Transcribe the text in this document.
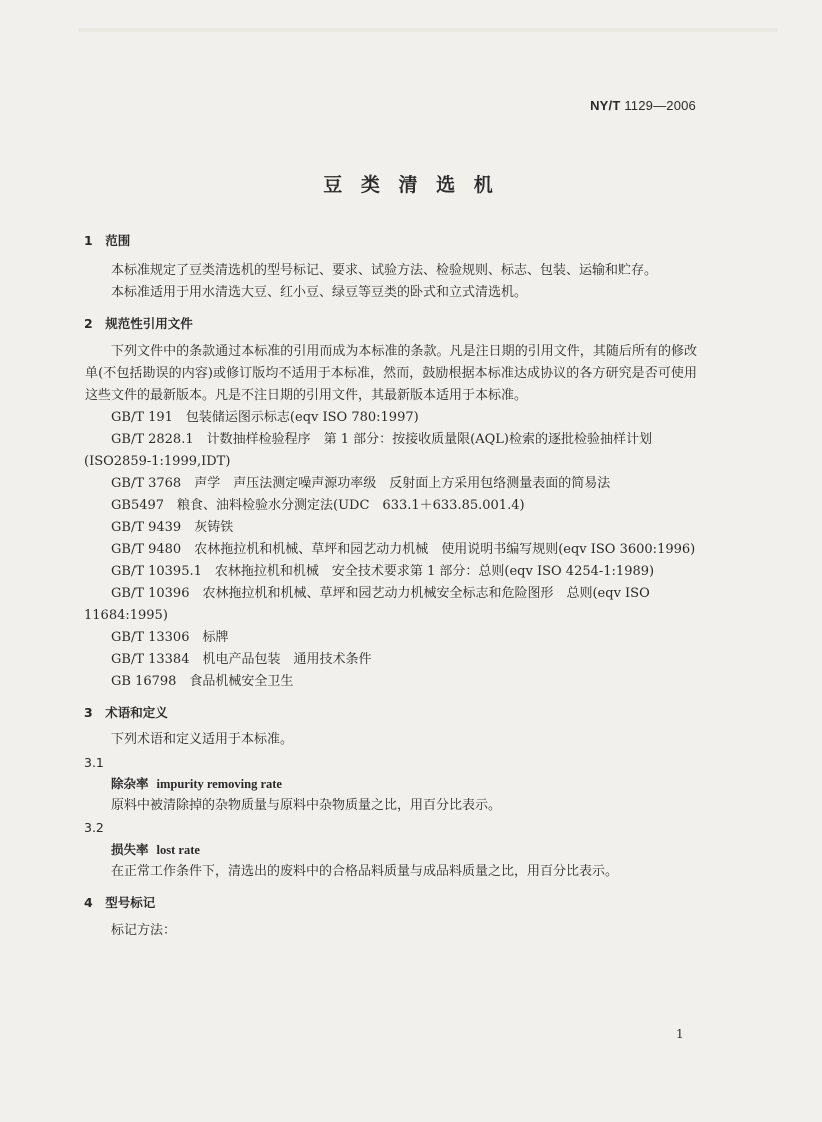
NY/T 1129—2006
豆 类 清 选 机
1　范围
本标准规定了豆类清选机的型号标记、要求、试验方法、检验规则、标志、包装、运输和贮存。
本标准适用于用水清选大豆、红小豆、绿豆等豆类的卧式和立式清选机。
2　规范性引用文件
下列文件中的条款通过本标准的引用而成为本标准的条款。凡是注日期的引用文件，其随后所有的修改单(不包括勘误的内容)或修订版均不适用于本标准，然而，鼓励根据本标准达成协议的各方研究是否可使用这些文件的最新版本。凡是不注日期的引用文件，其最新版本适用于本标准。
GB/T 191　包装储运图示标志(eqv ISO 780:1997)
GB/T 2828.1　计数抽样检验程序　第 1 部分：按接收质量限(AQL)检索的逐批检验抽样计划
(ISO2859-1:1999,IDT)
GB/T 3768　声学　声压法测定噪声源功率级　反射面上方采用包络测量表面的简易法
GB5497　粮食、油料检验水分测定法(UDC　633.1＋633.85.001.4)
GB/T 9439　灰铸铁
GB/T 9480　农林拖拉机和机械、草坪和园艺动力机械　使用说明书编写规则(eqv ISO 3600:1996)
GB/T 10395.1　农林拖拉机和机械　安全技术要求第 1 部分：总则(eqv ISO 4254-1:1989)
GB/T 10396　农林拖拉机和机械、草坪和园艺动力机械安全标志和危险图形　总则(eqv ISO
11684:1995)
GB/T 13306　标牌
GB/T 13384　机电产品包装　通用技术条件
GB 16798　食品机械安全卫生
3　术语和定义
下列术语和定义适用于本标准。
3.1
除杂率 impurity removing rate
原料中被清除掉的杂物质量与原料中杂物质量之比，用百分比表示。
3.2
损失率 lost rate
在正常工作条件下，清选出的废料中的合格品料质量与成品料质量之比，用百分比表示。
4　型号标记
标记方法：
1
